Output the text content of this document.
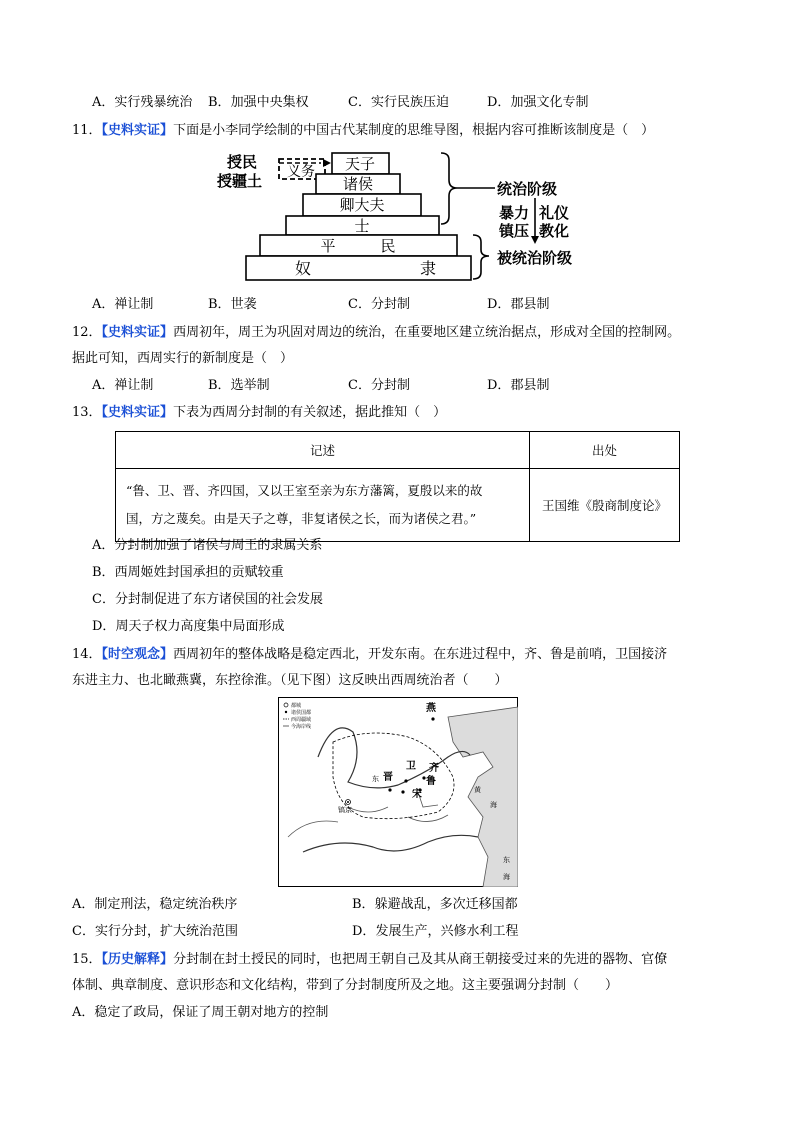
A．实行残暴统治 B．加强中央集权	C．实行民族压迫	D．加强文化专制
11．【史料实证】下面是小李同学绘制的中国古代某制度的思维导图，根据内容可推断该制度是（　）
授民
授疆土 义务 天子
诸侯
卿大夫
士
平　　　民
奴	隶
统治阶级
被统治阶级
暴力
镇压
礼仪
教化
A．禅让制	B．世袭	C．分封制	D．郡县制
12．【史料实证】西周初年，周王为巩固对周边的统治，在重要地区建立统治据点，形成对全国的控制网。
据此可知，西周实行的新制度是（　）
A．禅让制	B．选举制	C．分封制	D．郡县制
13．【史料实证】下表为西周分封制的有关叙述，据此推知（　）
记述	出处
“鲁、卫、晋、齐四国，又以王室至亲为东方藩篱，夏殷以来的故
国，方之蔑矣。由是天子之尊，非复诸侯之长，而为诸侯之君。”	王国维《殷商制度论》
A．分封制加强了诸侯与周王的隶属关系
B．西周姬姓封国承担的贡赋较重
C．分封制促进了东方诸侯国的社会发展
D．周天子权力高度集中局面形成
14．【时空观念】西周初年的整体战略是稳定西北，开发东南。在东进过程中，齐、鲁是前哨，卫国接济
东进主力、也北瞰燕冀，东控徐淮。（见下图）这反映出西周统治者（　　）
都城
诸侯国都
西周疆域
今海岸线
燕
卫
晋
齐
鲁
宋
东
镐京
黄
海
东
海
A．制定刑法，稳定统治秩序	B．躲避战乱，多次迁移国都
C．实行分封，扩大统治范围	D．发展生产，兴修水利工程
15．【历史解释】分封制在封土授民的同时，也把周王朝自己及其从商王朝接受过来的先进的器物、官僚
体制、典章制度、意识形态和文化结构，带到了分封制度所及之地。这主要强调分封制（　　）
A．稳定了政局，保证了周王朝对地方的控制
